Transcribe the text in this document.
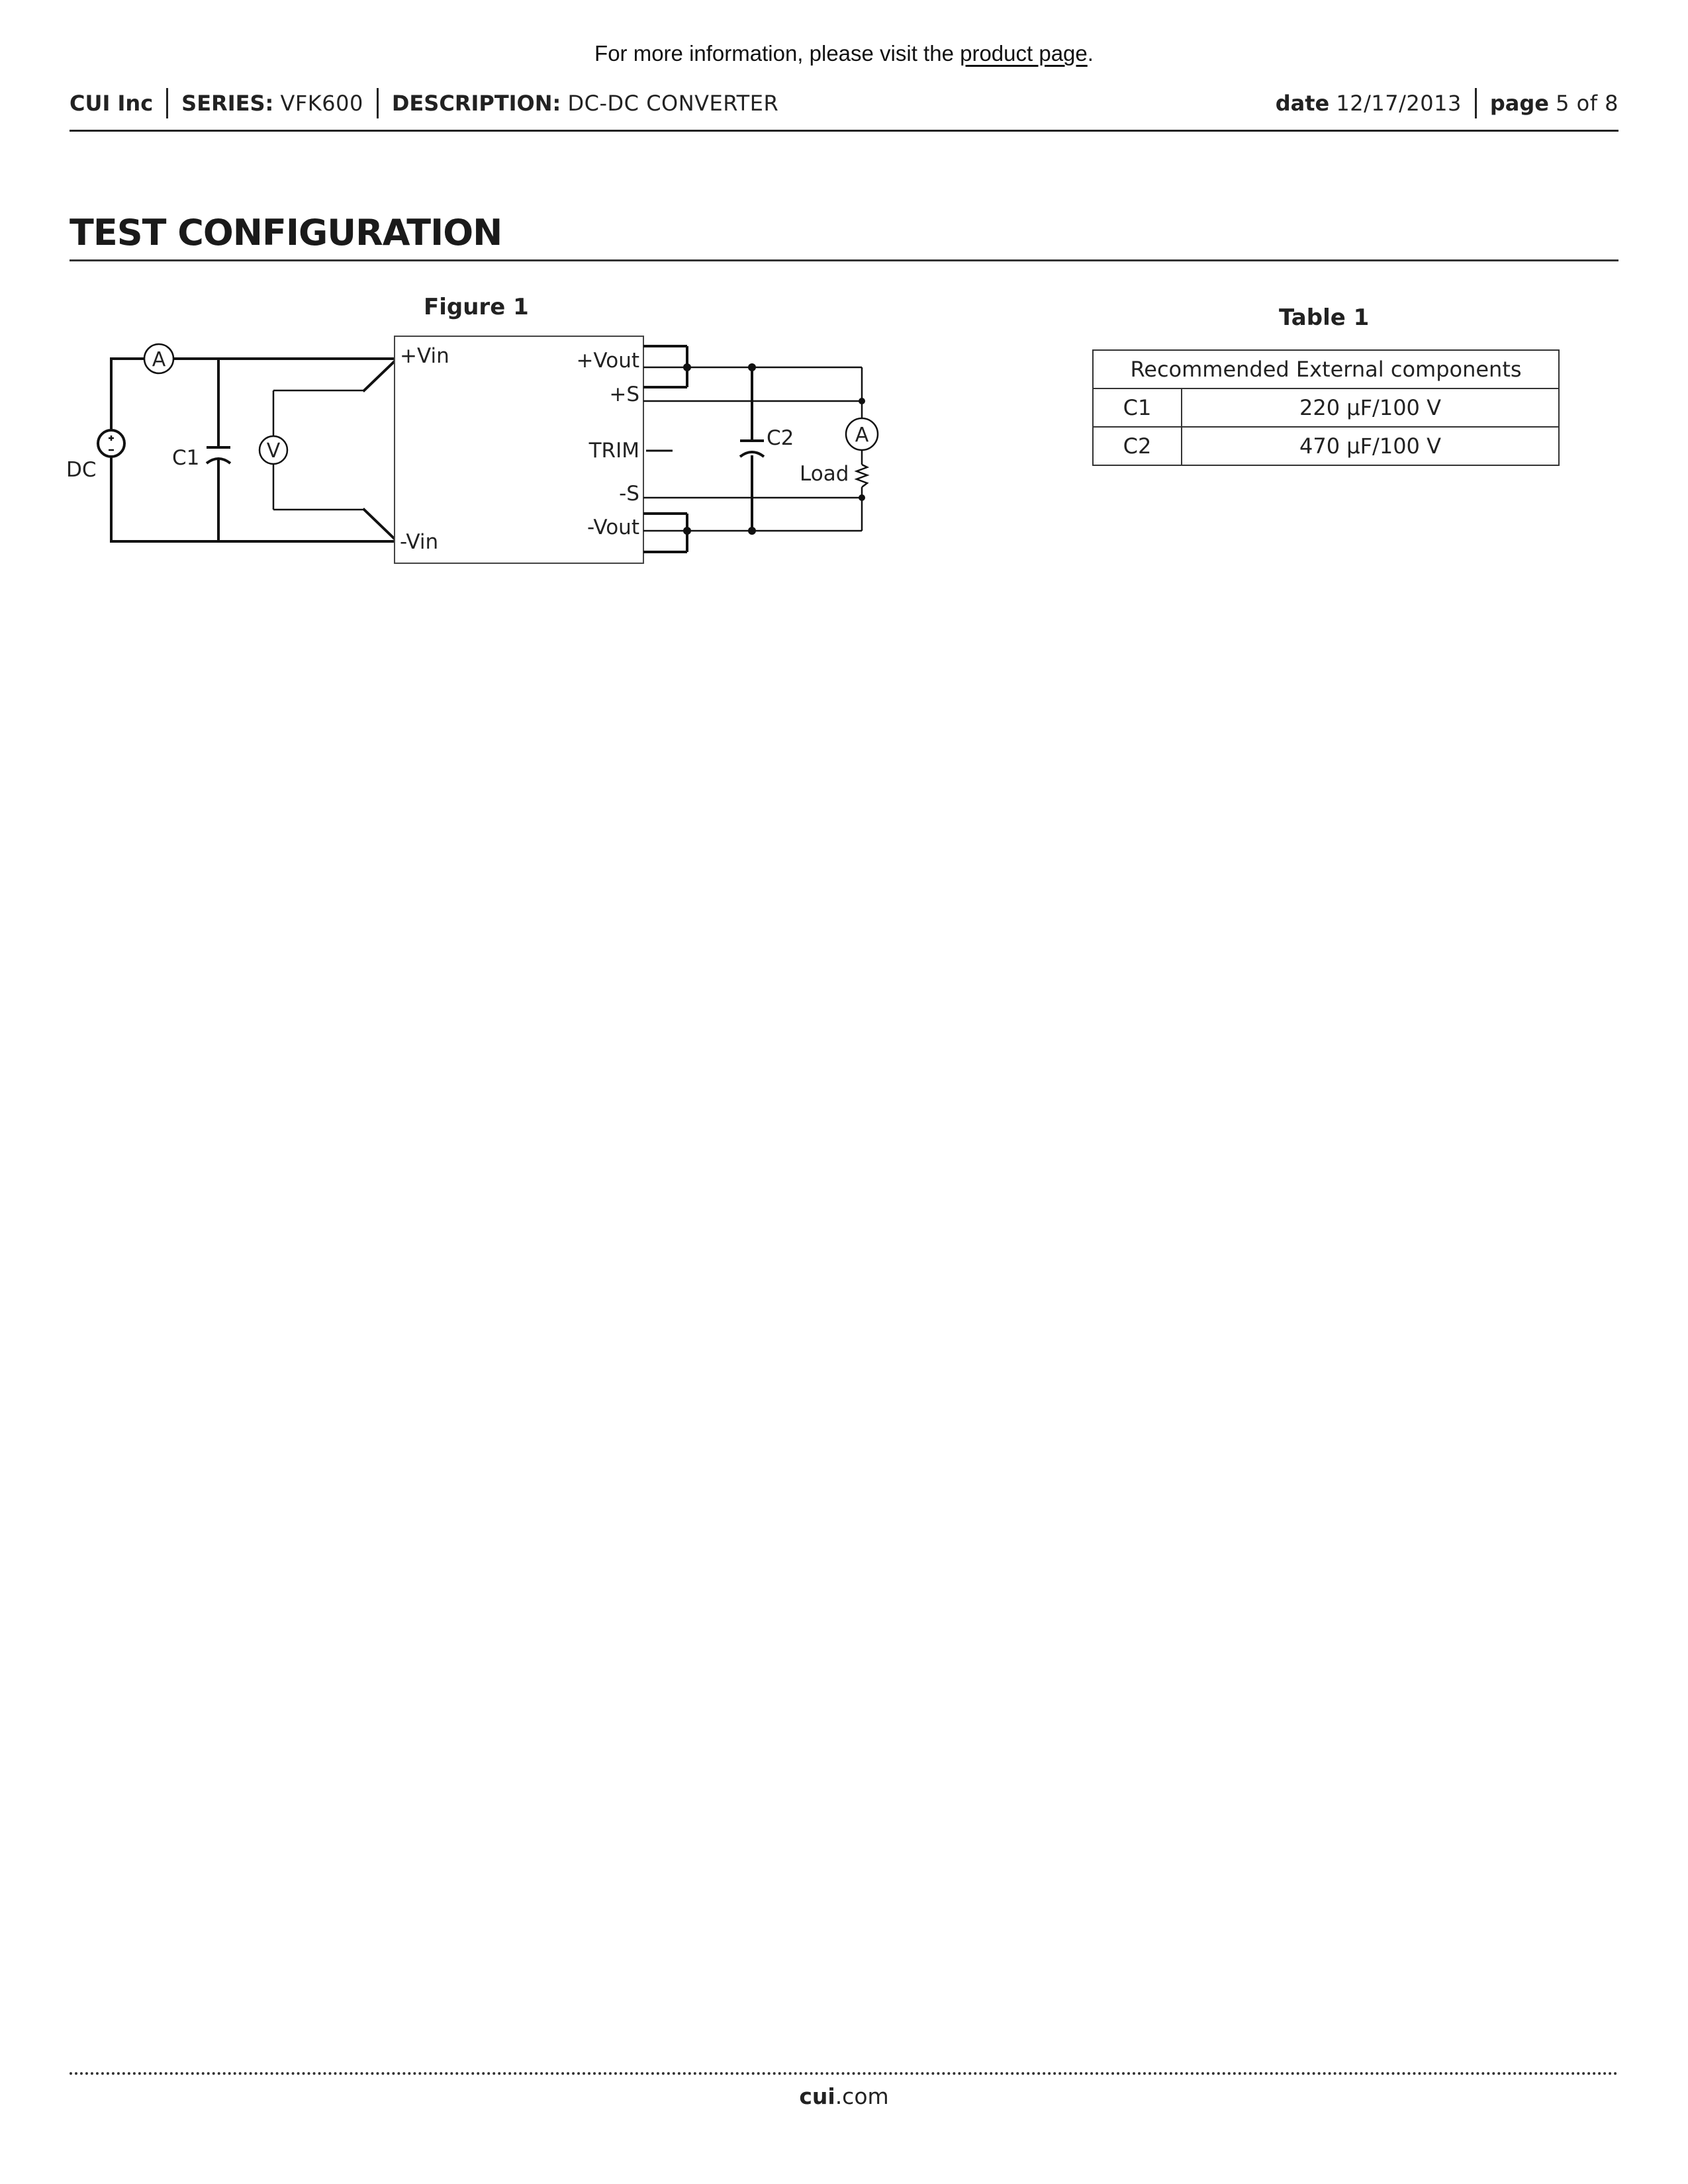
For more information, please visit the product page.
CUI Inc SERIES:
VFK600 DESCRIPTION:
DC-DC CONVERTER	date
12/17/2013 page
5 of 8
TEST CONFIGURATION
Figure 1
DC
A
C1	V
+Vin
-Vin
+Vout
+S
TRIM
-S
-Vout
C2	A
Load
Table 1
Recommended External components	
C1	220 µF/100 V
C2	470 µF/100 V
cui.com
